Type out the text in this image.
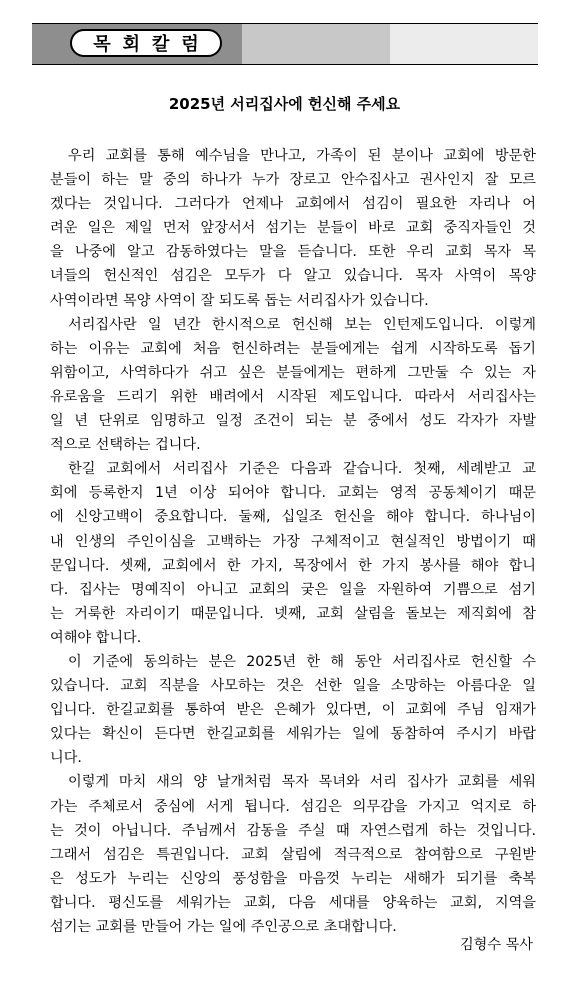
목회칼럼
2025년 서리집사에 헌신해 주세요
우리 교회를 통해 예수님을 만나고, 가족이 된 분이나 교회에 방문한
분들이 하는 말 중의 하나가 누가 장로고 안수집사고 권사인지 잘 모르
겠다는 것입니다. 그러다가 언제나 교회에서 섬김이 필요한 자리나 어
려운 일은 제일 먼저 앞장서서 섬기는 분들이 바로 교회 중직자들인 것
을 나중에 알고 감동하였다는 말을 듣습니다. 또한 우리 교회 목자 목
녀들의 헌신적인 섬김은 모두가 다 알고 있습니다. 목자 사역이 목양
사역이라면 목양 사역이 잘 되도록 돕는 서리집사가 있습니다.
서리집사란 일 년간 한시적으로 헌신해 보는 인턴제도입니다. 이렇게
하는 이유는 교회에 처음 헌신하려는 분들에게는 쉽게 시작하도록 돕기
위함이고, 사역하다가 쉬고 싶은 분들에게는 편하게 그만둘 수 있는 자
유로움을 드리기 위한 배려에서 시작된 제도입니다. 따라서 서리집사는
일 년 단위로 임명하고 일정 조건이 되는 분 중에서 성도 각자가 자발
적으로 선택하는 겁니다.
한길 교회에서 서리집사 기준은 다음과 같습니다. 첫째, 세례받고 교
회에 등록한지 1년 이상 되어야 합니다. 교회는 영적 공동체이기 때문
에 신앙고백이 중요합니다. 둘째, 십일조 헌신을 해야 합니다. 하나님이
내 인생의 주인이심을 고백하는 가장 구체적이고 현실적인 방법이기 때
문입니다. 셋째, 교회에서 한 가지, 목장에서 한 가지 봉사를 해야 합니
다. 집사는 명예직이 아니고 교회의 궂은 일을 자원하여 기쁨으로 섬기
는 거룩한 자리이기 때문입니다. 넷째, 교회 살림을 돌보는 제직회에 참
여해야 합니다.
이 기준에 동의하는 분은 2025년 한 해 동안 서리집사로 헌신할 수
있습니다. 교회 직분을 사모하는 것은 선한 일을 소망하는 아름다운 일
입니다. 한길교회를 통하여 받은 은혜가 있다면, 이 교회에 주님 임재가
있다는 확신이 든다면 한길교회를 세워가는 일에 동참하여 주시기 바랍
니다.
이렇게 마치 새의 양 날개처럼 목자 목녀와 서리 집사가 교회를 세워
가는 주체로서 중심에 서게 됩니다. 섬김은 의무감을 가지고 억지로 하
는 것이 아닙니다. 주님께서 감동을 주실 때 자연스럽게 하는 것입니다.
그래서 섬김은 특권입니다. 교회 살림에 적극적으로 참여함으로 구원받
은 성도가 누리는 신앙의 풍성함을 마음껏 누리는 새해가 되기를 축복
합니다. 평신도를 세워가는 교회, 다음 세대를 양육하는 교회, 지역을
섬기는 교회를 만들어 가는 일에 주인공으로 초대합니다.
김형수 목사
